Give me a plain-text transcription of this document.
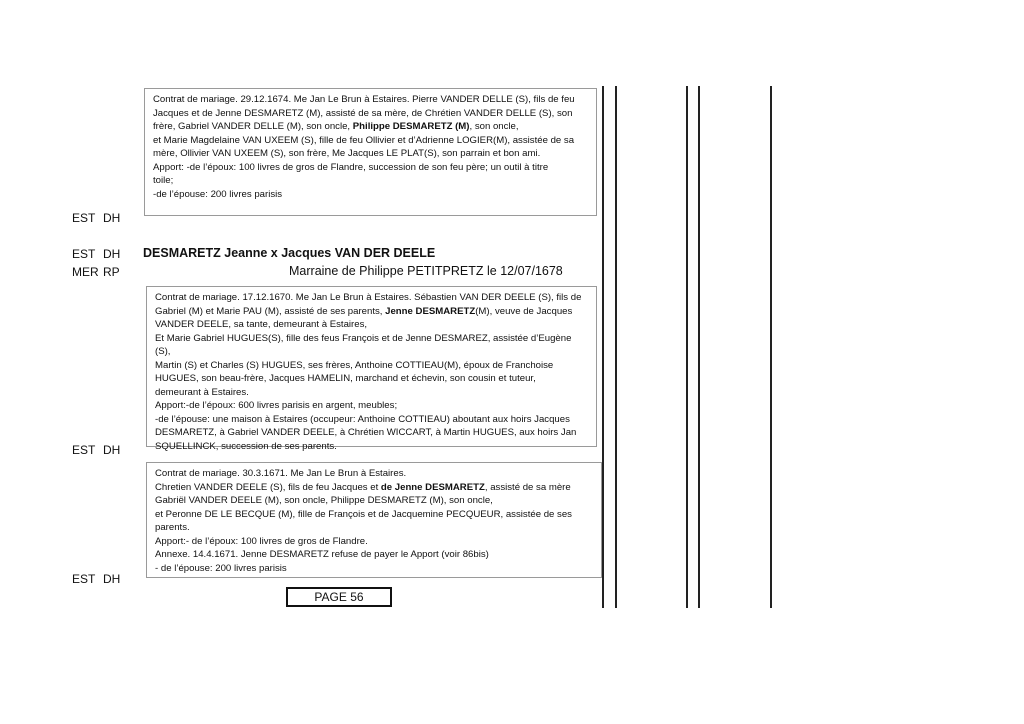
Contrat de mariage. 29.12.1674. Me Jan Le Brun à Estaires. Pierre VANDER DELLE (S), fils de feu

Jacques et de Jenne DESMARETZ (M), assisté de sa mère, de Chrétien VANDER DELLE (S), son

frère, Gabriel VANDER DELLE (M), son oncle, Philippe DESMARETZ (M), son oncle,

et Marie Magdelaine VAN UXEEM (S), fille de feu Ollivier et d’Adrienne LOGIER(M), assistée de sa

mère, Ollivier VAN UXEEM (S), son frère, Me Jacques LE PLAT(S), son parrain et bon ami.

Apport: -de l’époux: 100 livres de gros de Flandre, succession de son feu père; un outil à titre

toile;

-de l’épouse: 200 livres parisis

EST DH
EST DH DESMARETZ Jeanne x Jacques VAN DER DEELE
MER RP	Marraine de Philippe PETITPRETZ le 12/07/1678

Contrat de mariage. 17.12.1670. Me Jan Le Brun à Estaires. Sébastien VAN DER DEELE (S), fils de

Gabriel (M) et Marie PAU (M), assisté de ses parents, Jenne DESMARETZ(M), veuve de Jacques

VANDER DEELE, sa tante, demeurant à Estaires,

Et Marie Gabriel HUGUES(S), fille des feus François et de Jenne DESMAREZ, assistée d’Eugène (S),

Martin (S) et Charles (S) HUGUES, ses frères, Anthoine COTTIEAU(M), époux de Franchoise

HUGUES, son beau-frère, Jacques HAMELIN, marchand et échevin, son cousin et tuteur,

demeurant à Estaires.

Apport:-de l’époux: 600 livres parisis en argent, meubles;

-de l’épouse: une maison à Estaires (occupeur: Anthoine COTTIEAU) aboutant aux hoirs Jacques

DESMARETZ, à Gabriel VANDER DEELE, à Chrétien WICCART, à Martin HUGUES, aux hoirs Jan

SQUELLINCK, succession de ses parents.

EST DH

Contrat de mariage. 30.3.1671. Me Jan Le Brun à Estaires.

Chretien VANDER DEELE (S), fils de feu Jacques et de Jenne DESMARETZ, assisté de sa mère

Gabriël VANDER DEELE (M), son oncle, Philippe DESMARETZ (M), son oncle,

et Peronne DE LE BECQUE (M), fille de François et de Jacquemine PECQUEUR, assistée de ses

parents.

Apport:- de l’époux: 100 livres de gros de Flandre.

Annexe. 14.4.1671. Jenne DESMARETZ refuse de payer le Apport (voir 86bis)

- de l’épouse: 200 livres parisis

EST DH
PAGE 56
